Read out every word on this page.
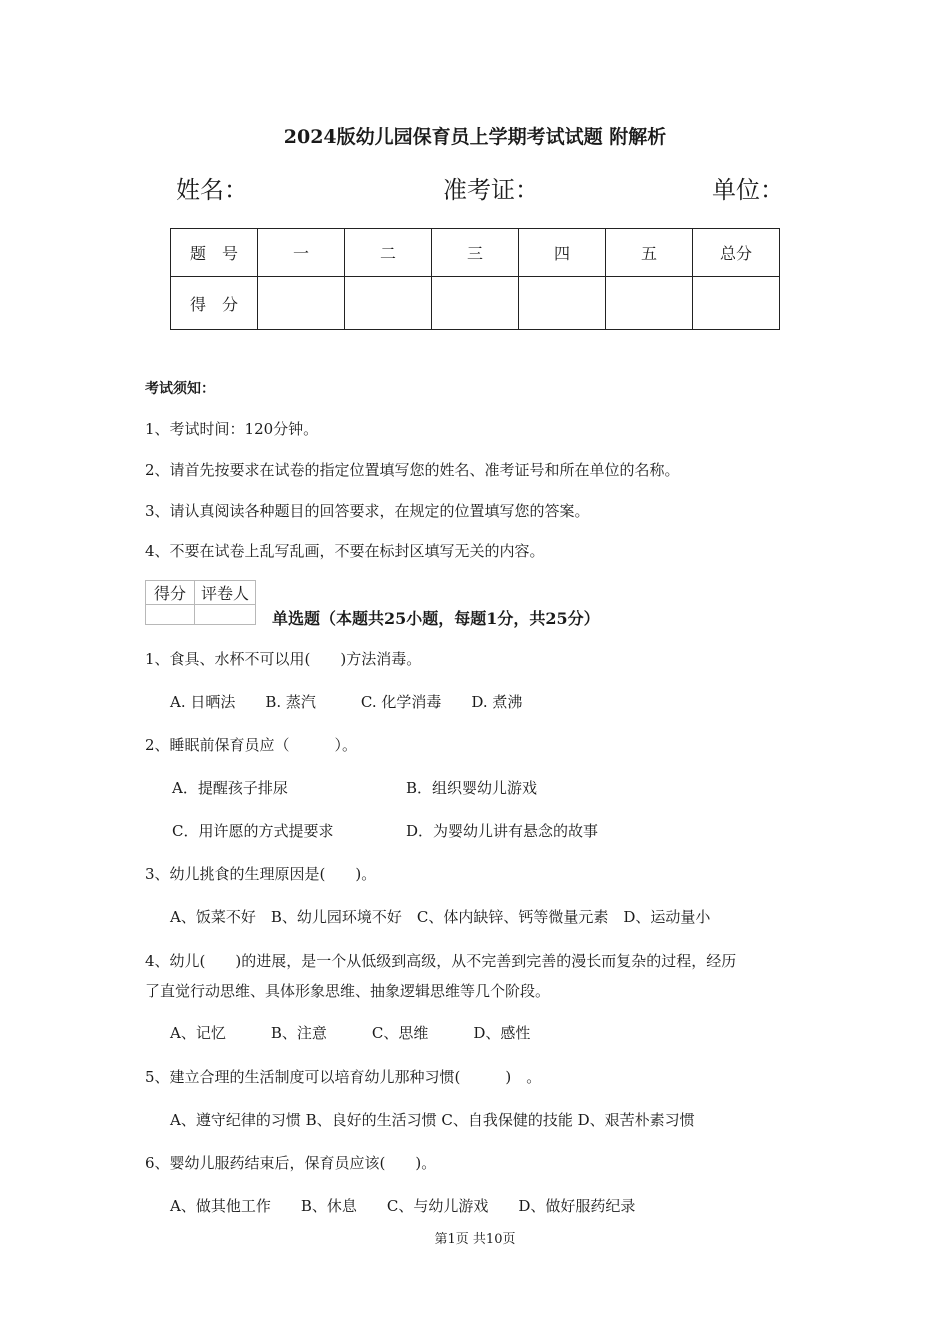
2024版幼儿园保育员上学期考试试题 附解析
姓名：	准考证：	单位：
题　号	一	二	三	四	五	总分
得　分						
考试须知：
1、考试时间：120分钟。
2、请首先按要求在试卷的指定位置填写您的姓名、准考证号和所在单位的名称。
3、请认真阅读各种题目的回答要求，在规定的位置填写您的答案。
4、不要在试卷上乱写乱画，不要在标封区填写无关的内容。
得分	评卷人

单选题（本题共25小题，每题1分，共25分）
1、食具、水杯不可以用(　　)方法消毒。
A. 日晒法　　B. 蒸汽　　　C. 化学消毒　　D. 煮沸
2、睡眠前保育员应（　　　）。
A．提醒孩子排尿	B．组织婴幼儿游戏
C．用许愿的方式提要求	D．为婴幼儿讲有悬念的故事
3、幼儿挑食的生理原因是(　　)。
A、饭菜不好　B、幼儿园环境不好　C、体内缺锌、钙等微量元素　D、运动量小
4、幼儿(　　)的进展，是一个从低级到高级，从不完善到完善的漫长而复杂的过程，经历
了直觉行动思维、具体形象思维、抽象逻辑思维等几个阶段。
A、记忆　　　B、注意　　　C、思维　　　D、感性
5、建立合理的生活制度可以培育幼儿那种习惯(　　　)　。
A、遵守纪律的习惯 B、良好的生活习惯 C、自我保健的技能 D、艰苦朴素习惯
6、婴幼儿服药结束后，保育员应该(　　)。
A、做其他工作　　B、休息　　C、与幼儿游戏　　D、做好服药纪录
第1页 共10页
